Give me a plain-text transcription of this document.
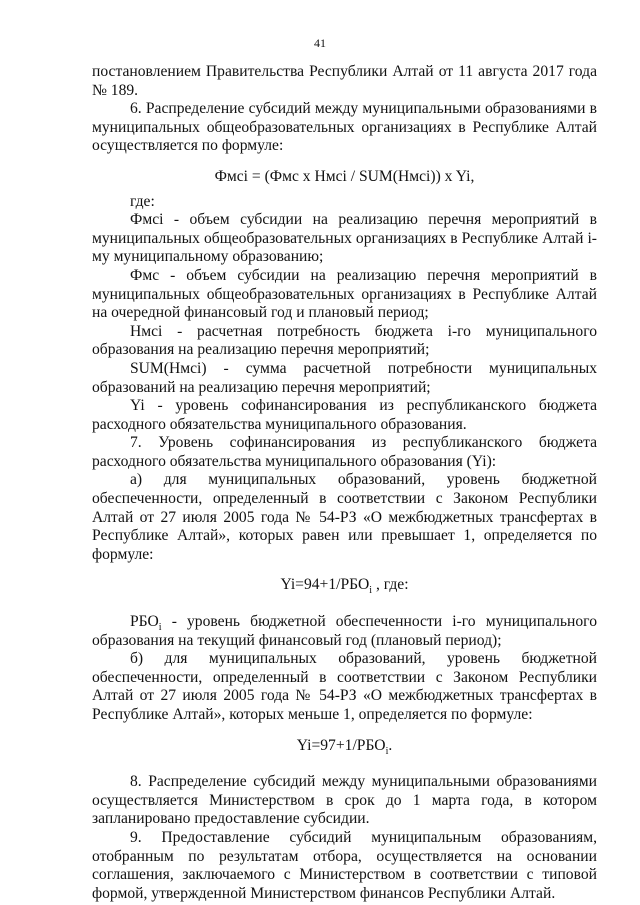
41

постановлением Правительства Республики Алтай от 11 августа 2017 года № 189.

6. Распределение субсидий между муниципальными образованиями в муниципальных общеобразовательных организациях в Республике Алтай осуществляется по формуле:

Фмсi = (Фмс x Нмсi / SUM(Нмсi)) x Yi,

где:

Фмсi - объем субсидии на реализацию перечня мероприятий в муниципальных общеобразовательных организациях в Республике Алтай i-му муниципальному образованию;

Фмс - объем субсидии на реализацию перечня мероприятий в муниципальных общеобразовательных организациях в Республике Алтай на очередной финансовый год и плановый период;

Нмсi - расчетная потребность бюджета i-го муниципального образования на реализацию перечня мероприятий;

SUM(Нмсi) - сумма расчетной потребности муниципальных образований на реализацию перечня мероприятий;

Yi - уровень софинансирования из республиканского бюджета расходного обязательства муниципального образования.

7. Уровень софинансирования из республиканского бюджета расходного обязательства муниципального образования (Yi):

а) для муниципальных образований, уровень бюджетной обеспеченности, определенный в соответствии с Законом Республики Алтай от 27 июля 2005 года № 54-РЗ «О межбюджетных трансфертах в Республике Алтай», которых равен или превышает 1, определяется по формуле:

$Yi=94+1/РБО_i$ , где:

$РБО_i$ - уровень бюджетной обеспеченности i-го муниципального образования на текущий финансовый год (плановый период);

б) для муниципальных образований, уровень бюджетной обеспеченности, определенный в соответствии с Законом Республики Алтай от 27 июля 2005 года № 54-РЗ «О межбюджетных трансфертах в Республике Алтай», которых меньше 1, определяется по формуле:

$Yi=97+1/РБО_i$.

8. Распределение субсидий между муниципальными образованиями осуществляется Министерством в срок до 1 марта года, в котором запланировано предоставление субсидии.

9. Предоставление субсидий муниципальным образованиям, отобранным по результатам отбора, осуществляется на основании соглашения, заключаемого с Министерством в соответствии с типовой формой, утвержденной Министерством финансов Республики Алтай.
